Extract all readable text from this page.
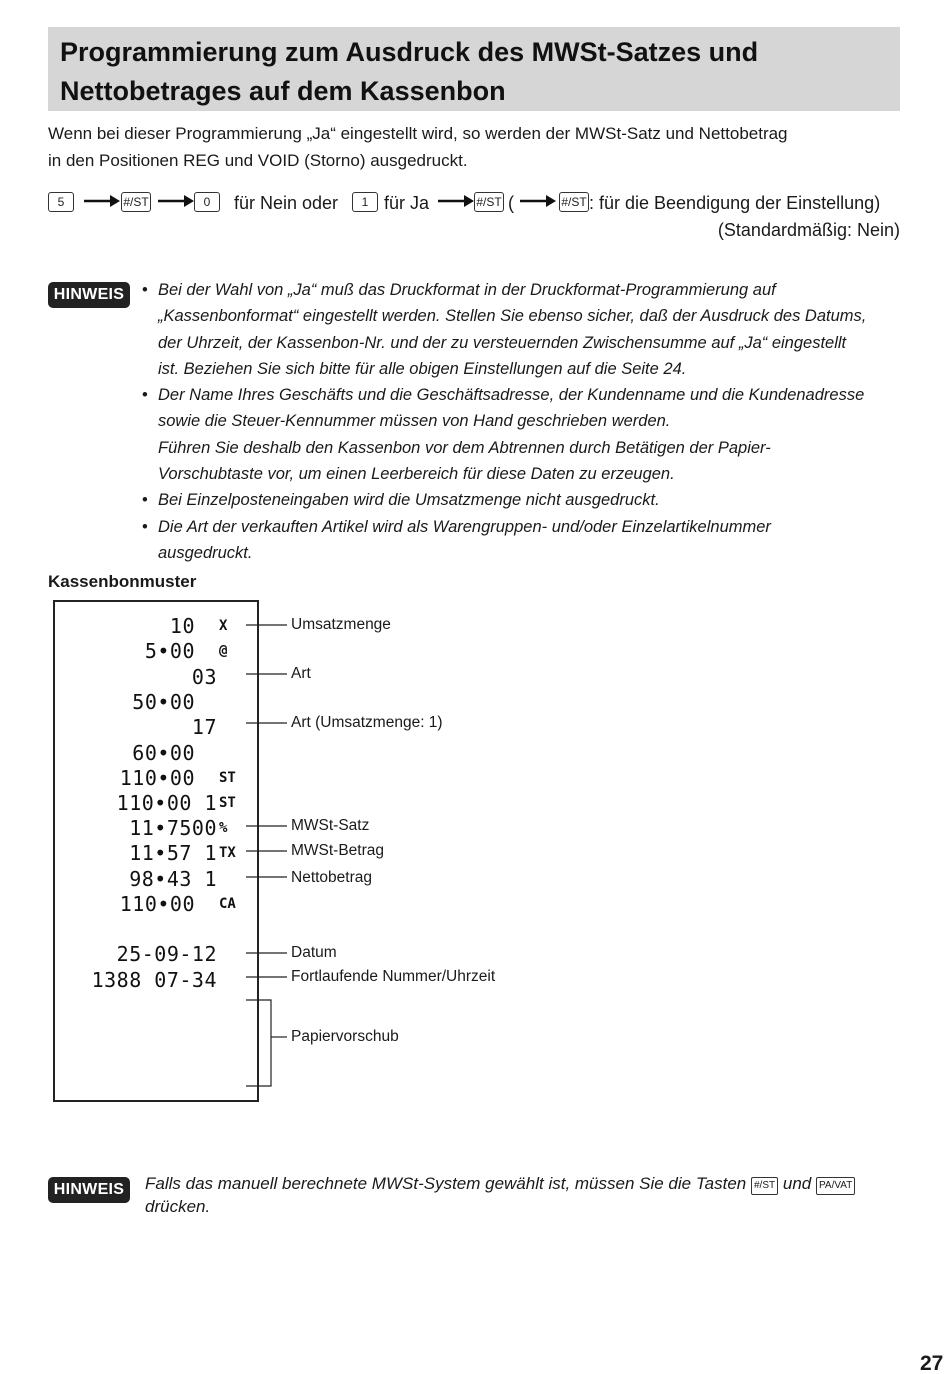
Programmierung zum Ausdruck des MWSt-Satzes und
Nettobetrages auf dem Kassenbon
Wenn bei dieser Programmierung „Ja“ eingestellt wird, so werden der MWSt-Satz und Nettobetrag
in den Positionen REG und VOID (Storno) ausgedruckt.
5	#/ST	0	für Nein oder	1 für Ja	#/ST (	#/ST : für die Beendigung der Einstellung)
(Standardmäßig: Nein)
HINWEIS
•	Bei der Wahl von „Ja“ muß das Druckformat in der Druckformat-Programmierung auf
„Kassenbonformat“ eingestellt werden. Stellen Sie ebenso sicher, daß der Ausdruck des Datums,
der Uhrzeit, der Kassenbon-Nr. und der zu versteuernden Zwischensumme auf „Ja“ eingestellt
ist. Beziehen Sie sich bitte für alle obigen Einstellungen auf die Seite 24.
• Der Name Ihres Geschäfts und die Geschäftsadresse, der Kundenname und die Kundenadresse
sowie die Steuer-Kennummer müssen von Hand geschrieben werden.
Führen Sie deshalb den Kassenbon vor dem Abtrennen durch Betätigen der Papier-
Vorschubtaste vor, um einen Leerbereich für diese Daten zu erzeugen.
• Bei Einzelposteneingaben wird die Umsatzmenge nicht ausgedruckt.
• Die Art der verkauften Artikel wird als Warengruppen- und/oder Einzelartikelnummer
ausgedruckt.
Kassenbonmuster
10 X
5•00 @
03
50•00
17
60•00
110•00 ST
110•00 1 ST
11•7500 %
11•57 1 TX
98•43 1
110•00 CA
25-09-12
1388 07-34
Umsatzmenge
Art
Art (Umsatzmenge: 1)
MWSt-Satz
MWSt-Betrag
Nettobetrag
Datum
Fortlaufende Nummer/Uhrzeit
Papiervorschub
HINWEIS	Falls das manuell berechnete MWSt-System gewählt ist, müssen Sie die Tasten #/ST und PA/VAT
drücken.
27
